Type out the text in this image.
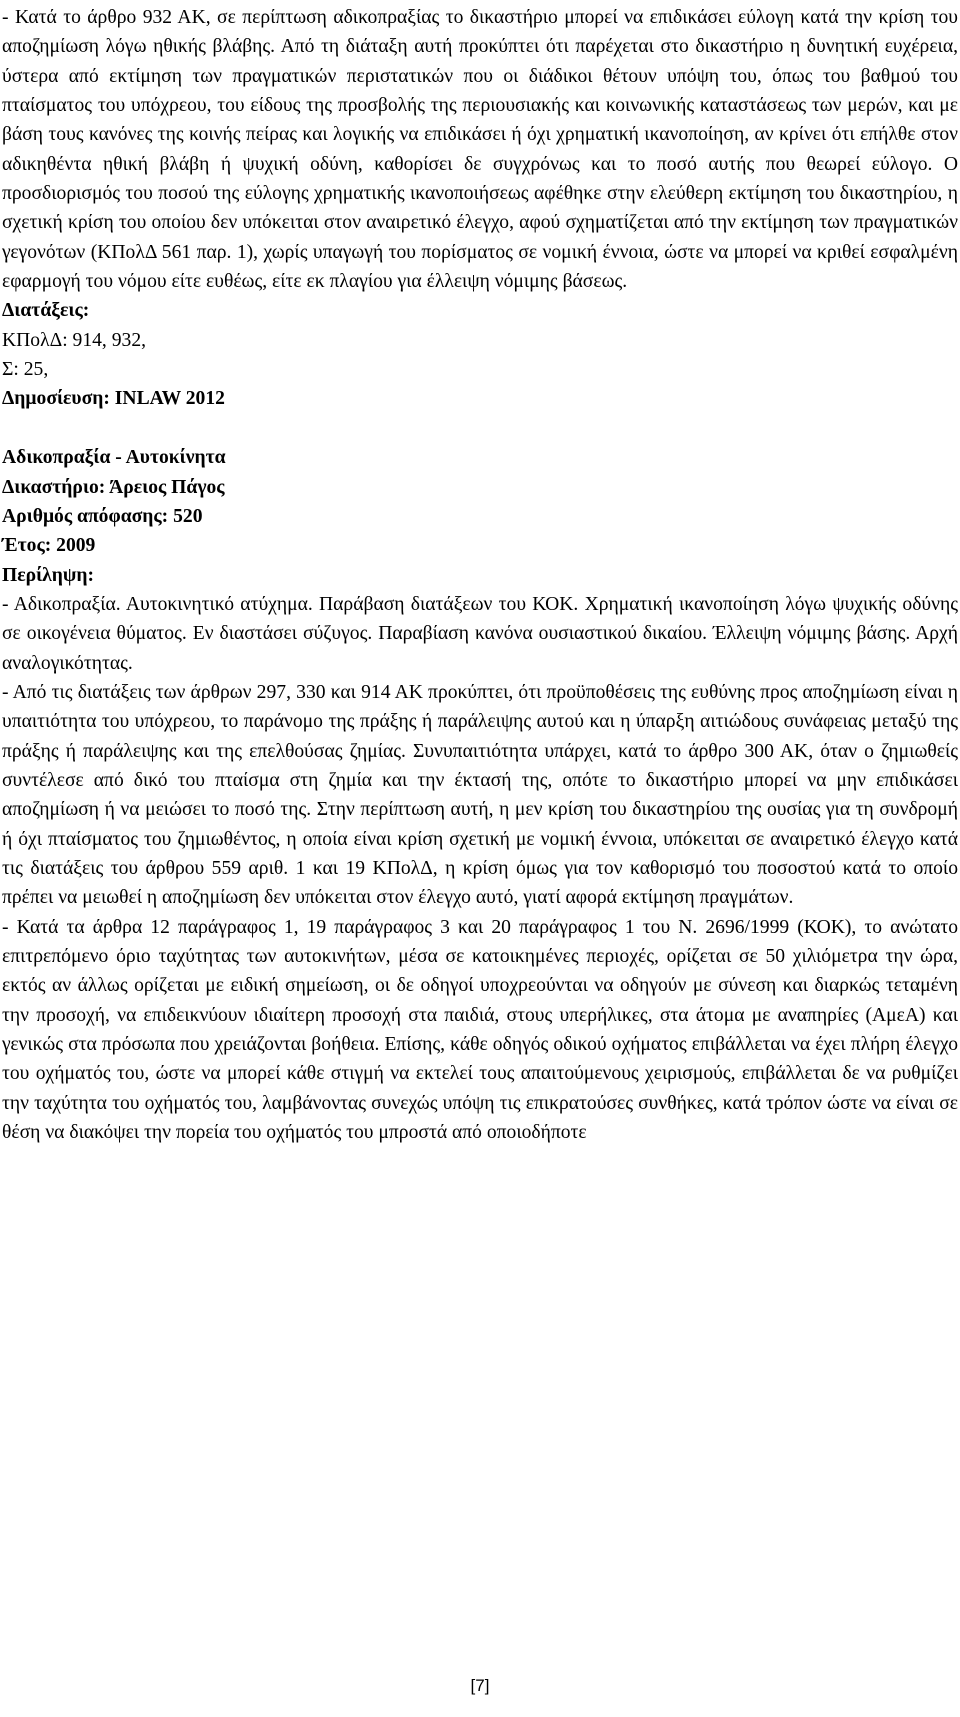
- Κατά το άρθρο 932 ΑΚ, σε περίπτωση αδικοπραξίας το δικαστήριο μπορεί να επιδικάσει εύλογη κατά την κρίση του αποζημίωση λόγω ηθικής βλάβης. Από τη διάταξη αυτή προκύπτει ότι παρέχεται στο δικαστήριο η δυνητική ευχέρεια, ύστερα από εκτίμηση των πραγματικών περιστατικών που οι διάδικοι θέτουν υπόψη του, όπως του βαθμού του πταίσματος του υπόχρεου, του είδους της προσβολής της περιουσιακής και κοινωνικής καταστάσεως των μερών, και με βάση τους κανόνες της κοινής πείρας και λογικής να επιδικάσει ή όχι χρηματική ικανοποίηση, αν κρίνει ότι επήλθε στον αδικηθέντα ηθική βλάβη ή ψυχική οδύνη, καθορίσει δε συγχρόνως και το ποσό αυτής που θεωρεί εύλογο. Ο προσδιορισμός του ποσού της εύλογης χρηματικής ικανοποιήσεως αφέθηκε στην ελεύθερη εκτίμηση του δικαστηρίου, η σχετική κρίση του οποίου δεν υπόκειται στον αναιρετικό έλεγχο, αφού σχηματίζεται από την εκτίμηση των πραγματικών γεγονότων (ΚΠολΔ 561 παρ. 1), χωρίς υπαγωγή του πορίσματος σε νομική έννοια, ώστε να μπορεί να κριθεί εσφαλμένη εφαρμογή του νόμου είτε ευθέως, είτε εκ πλαγίου για έλλειψη νόμιμης βάσεως.

Διατάξεις:

ΚΠολΔ: 914, 932,

Σ: 25,

Δημοσίευση: INLAW 2012

Αδικοπραξία - Αυτοκίνητα

Δικαστήριο: Άρειος Πάγος

Αριθμός απόφασης: 520

Έτος: 2009

Περίληψη:

- Αδικοπραξία. Αυτοκινητικό ατύχημα. Παράβαση διατάξεων του ΚΟΚ. Χρηματική ικανοποίηση λόγω ψυχικής οδύνης σε οικογένεια θύματος. Εν διαστάσει σύζυγος. Παραβίαση κανόνα ουσιαστικού δικαίου. Έλλειψη νόμιμης βάσης. Αρχή αναλογικότητας.

- Από τις διατάξεις των άρθρων 297, 330 και 914 ΑΚ προκύπτει, ότι προϋποθέσεις της ευθύνης προς αποζημίωση είναι η υπαιτιότητα του υπόχρεου, το παράνομο της πράξης ή παράλειψης αυτού και η ύπαρξη αιτιώδους συνάφειας μεταξύ της πράξης ή παράλειψης και της επελθούσας ζημίας. Συνυπαιτιότητα υπάρχει, κατά το άρθρο 300 ΑΚ, όταν ο ζημιωθείς συντέλεσε από δικό του πταίσμα στη ζημία και την έκτασή της, οπότε το δικαστήριο μπορεί να μην επιδικάσει αποζημίωση ή να μειώσει το ποσό της. Στην περίπτωση αυτή, η μεν κρίση του δικαστηρίου της ουσίας για τη συνδρομή ή όχι πταίσματος του ζημιωθέντος, η οποία είναι κρίση σχετική με νομική έννοια, υπόκειται σε αναιρετικό έλεγχο κατά τις διατάξεις του άρθρου 559 αριθ. 1 και 19 ΚΠολΔ, η κρίση όμως για τον καθορισμό του ποσοστού κατά το οποίο πρέπει να μειωθεί η αποζημίωση δεν υπόκειται στον έλεγχο αυτό, γιατί αφορά εκτίμηση πραγμάτων.

- Κατά τα άρθρα 12 παράγραφος 1, 19 παράγραφος 3 και 20 παράγραφος 1 του Ν. 2696/1999 (ΚΟΚ), το ανώτατο επιτρεπόμενο όριο ταχύτητας των αυτοκινήτων, μέσα σε κατοικημένες περιοχές, ορίζεται σε 50 χιλιόμετρα την ώρα, εκτός αν άλλως ορίζεται με ειδική σημείωση, οι δε οδηγοί υποχρεούνται να οδηγούν με σύνεση και διαρκώς τεταμένη την προσοχή, να επιδεικνύουν ιδιαίτερη προσοχή στα παιδιά, στους υπερήλικες, στα άτομα με αναπηρίες (ΑμεΑ) και γενικώς στα πρόσωπα που χρειάζονται βοήθεια. Επίσης, κάθε οδηγός οδικού οχήματος επιβάλλεται να έχει πλήρη έλεγχο του οχήματός του, ώστε να μπορεί κάθε στιγμή να εκτελεί τους απαιτούμενους χειρισμούς, επιβάλλεται δε να ρυθμίζει την ταχύτητα του οχήματός του, λαμβάνοντας συνεχώς υπόψη τις επικρατούσες συνθήκες, κατά τρόπον ώστε να είναι σε θέση να διακόψει την πορεία του οχήματός του μπροστά από οποιοδήποτε

[7]
